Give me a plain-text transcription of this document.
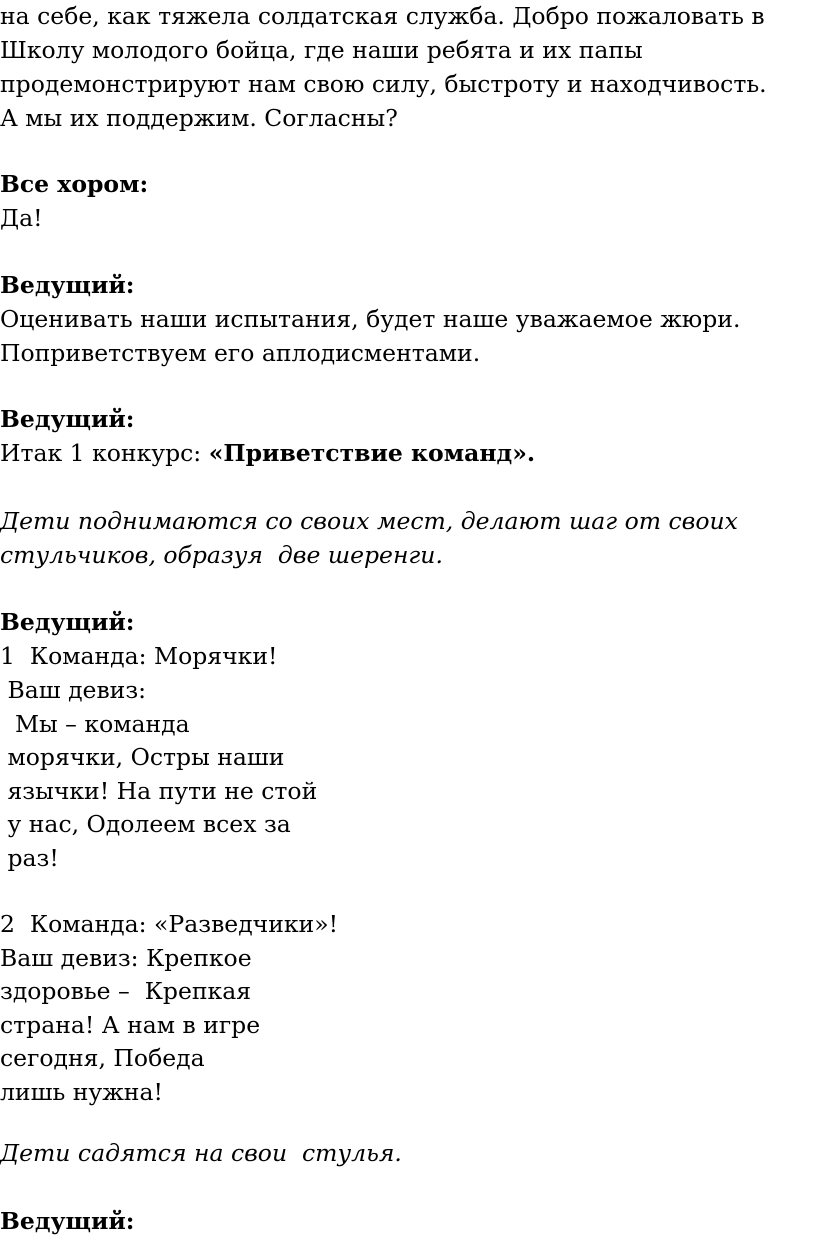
на себе, как тяжела солдатская служба. Добро пожаловать в

Школу молодого бойца, где наши ребята и их папы

продемонстрируют нам свою силу, быстроту и находчивость.

А мы их поддержим. Согласны?

Все хором:

Да!

Ведущий:

Оценивать наши испытания, будет наше уважаемое жюри.

Поприветствуем его аплодисментами.

Ведущий:

Итак 1 конкурс: «Приветствие команд».

Дети поднимаются со своих мест, делают шаг от своих

стульчиков, образуя  две шеренги.

Ведущий:

1  Команда: Морячки!

Ваш девиз:

Мы – команда

морячки, Остры наши

язычки! На пути не стой

у нас, Одолеем всех за

раз!

2  Команда: «Разведчики»!

Ваш девиз: Крепкое

здоровье –  Крепкая

страна! А нам в игре

сегодня, Победа

лишь нужна!

Дети садятся на свои  стулья.

Ведущий:
